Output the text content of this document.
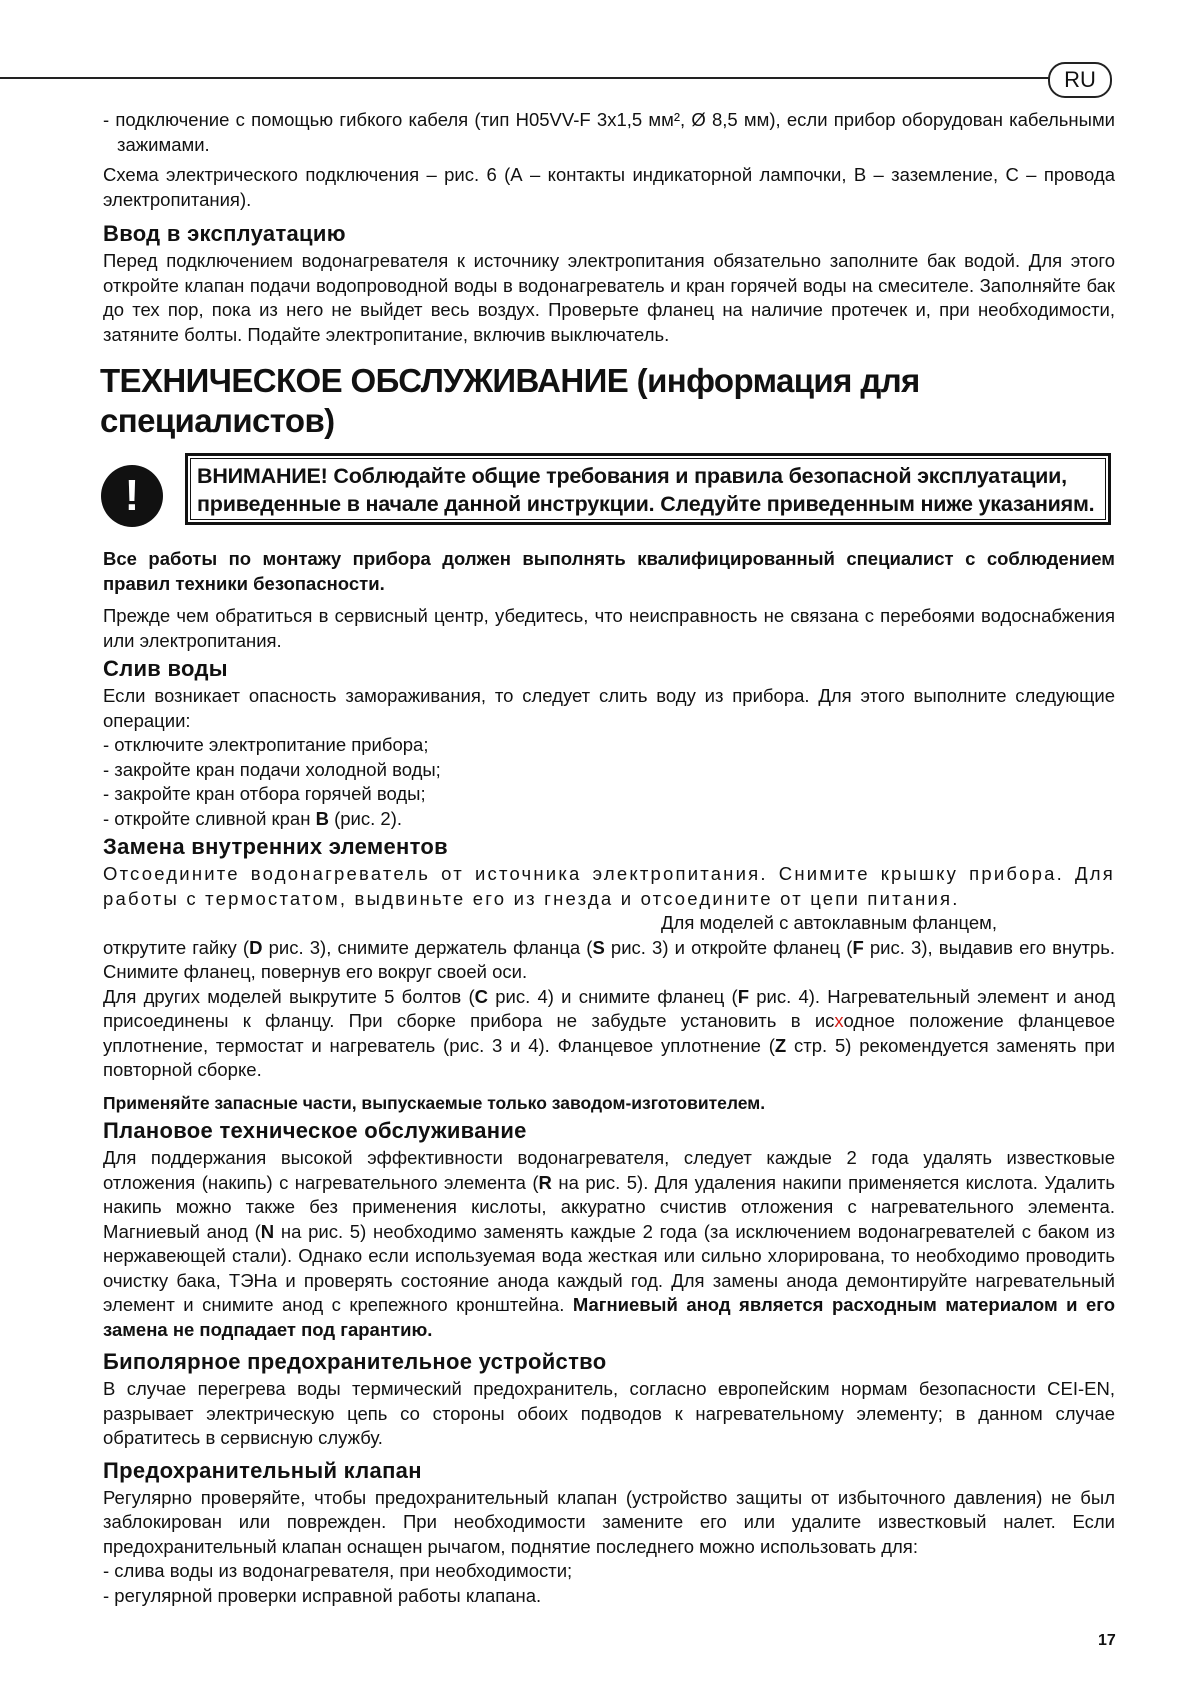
RU

- подключение с помощью гибкого кабеля (тип H05VV-F 3x1,5 мм², Ø 8,5 мм), если прибор оборудован кабельными зажимами.

Схема электрического подключения – рис. 6 (А – контакты индикаторной лампочки, В – заземление, С – провода электропитания).

Ввод в эксплуатацию

Перед подключением водонагревателя к источнику электропитания обязательно заполните бак водой. Для этого откройте клапан подачи водопроводной воды в водонагреватель и кран горячей воды на смесителе. Заполняйте бак до тех пор, пока из него не выйдет весь воздух. Проверьте фланец на наличие протечек и, при необходимости, затяните болты. Подайте электропитание, включив выключатель.

ТЕХНИЧЕСКОЕ ОБСЛУЖИВАНИЕ (информация для специалистов)
!	ВНИМАНИЕ! Соблюдайте общие требования и правила безопасной эксплуатации, приведенные в начале данной инструкции. Следуйте приведенным ниже указаниям.

Все работы по монтажу прибора должен выполнять квалифицированный специалист с соблюдением правил техники безопасности.

Прежде чем обратиться в сервисный центр, убедитесь, что неисправность не связана с перебоями водоснабжения или электропитания.

Слив воды

Если возникает опасность замораживания, то следует слить воду из прибора. Для этого выполните следующие операции:

- отключите электропитание прибора;

- закройте кран подачи холодной воды;

- закройте кран отбора горячей воды;

- откройте сливной кран B (рис. 2).

Замена внутренних элементов

Отсоедините водонагреватель от источника электропитания. Снимите крышку прибора. Для работы с термостатом, выдвиньте его из гнезда и отсоедините от цепи питания.

Для моделей с автоклавным фланцем,

открутите гайку (D рис. 3), снимите держатель фланца (S рис. 3) и откройте фланец (F рис. 3), выдавив его внутрь. Снимите фланец, повернув его вокруг своей оси.

Для других моделей выкрутите 5 болтов (C рис. 4) и снимите фланец (F рис. 4). Нагревательный элемент и анод присоединены к фланцу. При сборке прибора не забудьте установить в исходное положение фланцевое уплотнение, термостат и нагреватель (рис. 3 и 4). Фланцевое уплотнение (Z стр. 5) рекомендуется заменять при повторной сборке.

Применяйте запасные части, выпускаемые только заводом-изготовителем.

Плановое техническое обслуживание

Для поддержания высокой эффективности водонагревателя, следует каждые 2 года удалять известковые отложения (накипь) с нагревательного элемента (R на рис. 5). Для удаления накипи применяется кислота. Удалить накипь можно также без применения кислоты, аккуратно счистив отложения с нагревательного элемента. Магниевый анод (N на рис. 5) необходимо заменять каждые 2 года (за исключением водонагревателей с баком из нержавеющей стали). Однако если используемая вода жесткая или сильно хлорирована, то необходимо проводить очистку бака, ТЭНа и проверять состояние анода каждый год. Для замены анода демонтируйте нагревательный элемент и снимите анод с крепежного кронштейна. Магниевый анод является расходным материалом и его замена не подпадает под гарантию.

Биполярное предохранительное устройство

В случае перегрева воды термический предохранитель, согласно европейским нормам безопасности CEI-EN, разрывает электрическую цепь со стороны обоих подводов к нагревательному элементу; в данном случае обратитесь в сервисную службу.

Предохранительный клапан

Регулярно проверяйте, чтобы предохранительный клапан (устройство защиты от избыточного давления) не был заблокирован или поврежден. При необходимости замените его или удалите известковый налет. Если предохранительный клапан оснащен рычагом, поднятие последнего можно использовать для:

- слива воды из водонагревателя, при необходимости;

- регулярной проверки исправной работы клапана.

17
